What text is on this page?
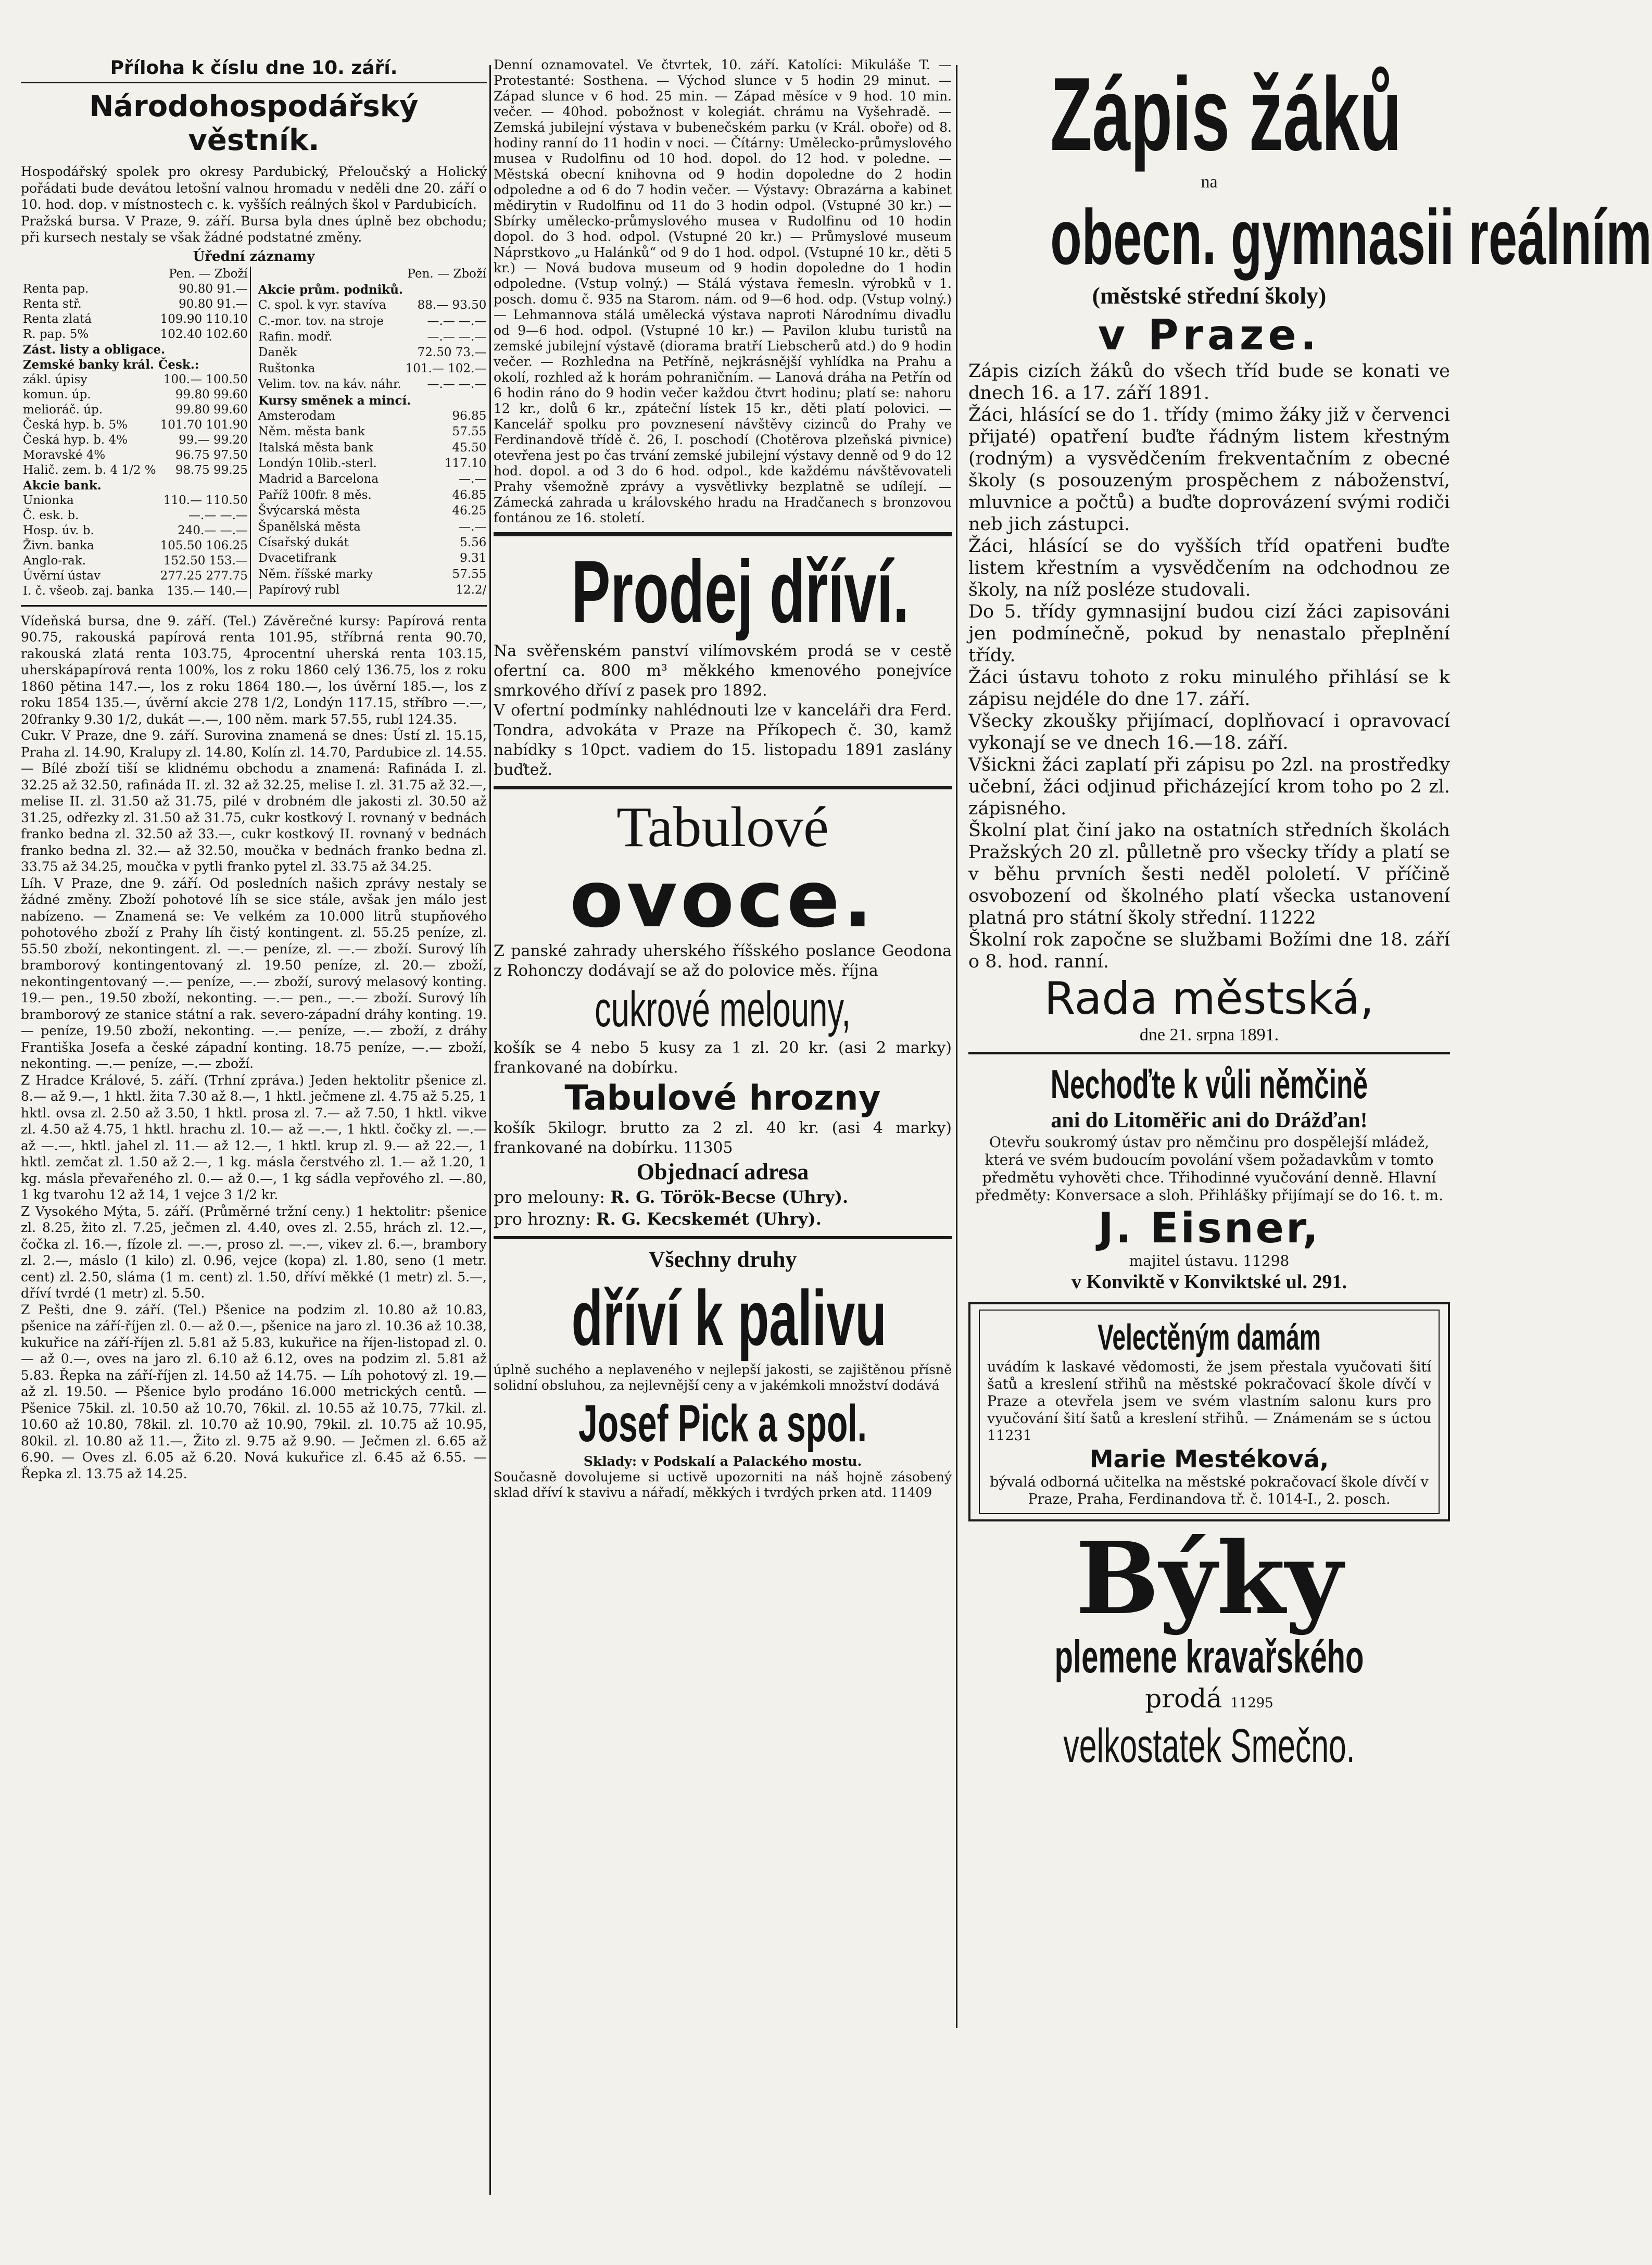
Příloha k číslu dne 10. září.

Národohospodářský věstník.

Hospodářský spolek pro okresy Pardubický, Přeloučský a Holický pořádati bude devátou letošní valnou hromadu v neděli dne 20. září o 10. hod. dop. v místnostech c. k. vyšších reálných škol v Pardubicích.

Pražská bursa. V Praze, 9. září. Bursa byla dnes úplně bez obchodu; při kursech nestaly se však žádné podstatné změny.

Úřední záznamy

	Pen. — Zboží
Renta pap.	90.80 91.—
Renta stř.	90.80 91.—
Renta zlatá	109.90 110.10
R. pap. 5%	102.40 102.60
Zást. listy a obligace.	
Zemské banky král. Česk.:	
zákl. úpisy	100.— 100.50
komun. úp.	99.80 99.60
melioráč. úp.	99.80 99.60
Česká hyp. b. 5%	101.70 101.90
Česká hyp. b. 4%	99.— 99.20
Moravské 4%	96.75 97.50
Halič. zem. b. 4 1/2 %	98.75 99.25
Akcie bank.	
Unionka	110.— 110.50
Č. esk. b.	—.— —.—
Hosp. úv. b.	240.— —.—
Živn. banka	105.50 106.25
Anglo-rak.	152.50 153.—
Úvěrní ústav	277.25 277.75
I. č. všeob. zaj. banka	135.— 140.—
	Pen. — Zboží
Akcie prům. podniků.	
C. spol. k vyr. stavíva	88.— 93.50
C.-mor. tov. na stroje	—.— —.—
Rafin. modř.	—.— —.—
Daněk	72.50 73.—
Ruštonka	101.— 102.—
Velim. tov. na káv. náhr.	—.— —.—
Kursy směnek a mincí.	
Amsterodam	96.85
Něm. města bank	57.55
Italská města bank	45.50
Londýn 10lib.-sterl.	117.10
Madrid a Barcelona	—.—
Paříž 100fr. 8 měs.	46.85
Švýcarská města	46.25
Španělská města	—.—
Císařský dukát	5.56
Dvacetifrank	9.31
Něm. říšské marky	57.55
Papírový rubl	12.2/

Vídeňská bursa, dne 9. září. (Tel.) Závěrečné kursy: Papírová renta 90.75, rakouská papírová renta 101.95, stříbrná renta 90.70, rakouská zlatá renta 103.75, 4procentní uherská renta 103.15, uherskápapírová renta 100%, los z roku 1860 celý 136.75, los z roku 1860 pětina 147.—, los z roku 1864 180.—, los úvěrní 185.—, los z roku 1854 135.—, úvěrní akcie 278 1/2, Londýn 117.15, stříbro —.—, 20franky 9.30 1/2, dukát —.—, 100 něm. mark 57.55, rubl 124.35.

Cukr. V Praze, dne 9. září. Surovina znamená se dnes: Ústí zl. 15.15, Praha zl. 14.90, Kralupy zl. 14.80, Kolín zl. 14.70, Pardubice zl. 14.55. — Bílé zboží tiší se klidnému obchodu a znamená: Rafináda I. zl. 32.25 až 32.50, rafináda II. zl. 32 až 32.25, melise I. zl. 31.75 až 32.—, melise II. zl. 31.50 až 31.75, pilé v drobném dle jakosti zl. 30.50 až 31.25, odřezky zl. 31.50 až 31.75, cukr kostkový I. rovnaný v bednách franko bedna zl. 32.50 až 33.—, cukr kostkový II. rovnaný v bednách franko bedna zl. 32.— až 32.50, moučka v bednách franko bedna zl. 33.75 až 34.25, moučka v pytli franko pytel zl. 33.75 až 34.25.

Líh. V Praze, dne 9. září. Od posledních našich zprávy nestaly se žádné změny. Zboží pohotové líh se sice stále, avšak jen málo jest nabízeno. — Znamená se: Ve velkém za 10.000 litrů stupňového pohotového zboží z Prahy líh čistý kontingent. zl. 55.25 peníze, zl. 55.50 zboží, nekontingent. zl. —.— peníze, zl. —.— zboží. Surový líh bramborový kontingentovaný zl. 19.50 peníze, zl. 20.— zboží, nekontingentovaný —.— peníze, —.— zboží, surový melasový konting. 19.— pen., 19.50 zboží, nekonting. —.— pen., —.— zboží. Surový líh bramborový ze stanice státní a rak. severo-západní dráhy konting. 19.— peníze, 19.50 zboží, nekonting. —.— peníze, —.— zboží, z dráhy Františka Josefa a české západní konting. 18.75 peníze, —.— zboží, nekonting. —.— peníze, —.— zboží.

Z Hradce Králové, 5. září. (Trhní zpráva.) Jeden hektolitr pšenice zl. 8.— až 9.—, 1 hktl. žita 7.30 až 8.—, 1 hktl. ječmene zl. 4.75 až 5.25, 1 hktl. ovsa zl. 2.50 až 3.50, 1 hktl. prosa zl. 7.— až 7.50, 1 hktl. vikve zl. 4.50 až 4.75, 1 hktl. hrachu zl. 10.— až —.—, 1 hktl. čočky zl. —.— až —.—, hktl. jahel zl. 11.— až 12.—, 1 hktl. krup zl. 9.— až 22.—, 1 hktl. zemčat zl. 1.50 až 2.—, 1 kg. másla čerstvého zl. 1.— až 1.20, 1 kg. másla převařeného zl. 0.— až 0.—, 1 kg sádla vepřového zl. —.80, 1 kg tvarohu 12 až 14, 1 vejce 3 1/2 kr.

Z Vysokého Mýta, 5. září. (Průměrné tržní ceny.) 1 hektolitr: pšenice zl. 8.25, žito zl. 7.25, ječmen zl. 4.40, oves zl. 2.55, hrách zl. 12.—, čočka zl. 16.—, fízole zl. —.—, proso zl. —.—, vikev zl. 6.—, brambory zl. 2.—, máslo (1 kilo) zl. 0.96, vejce (kopa) zl. 1.80, seno (1 metr. cent) zl. 2.50, sláma (1 m. cent) zl. 1.50, dříví měkké (1 metr) zl. 5.—, dříví tvrdé (1 metr) zl. 5.50.

Z Pešti, dne 9. září. (Tel.) Pšenice na podzim zl. 10.80 až 10.83, pšenice na září-říjen zl. 0.— až 0.—, pšenice na jaro zl. 10.36 až 10.38, kukuřice na září-říjen zl. 5.81 až 5.83, kukuřice na říjen-listopad zl. 0.— až 0.—, oves na jaro zl. 6.10 až 6.12, oves na podzim zl. 5.81 až 5.83. Řepka na září-říjen zl. 14.50 až 14.75. — Líh pohotový zl. 19.— až zl. 19.50. — Pšenice bylo prodáno 16.000 metrických centů. — Pšenice 75kil. zl. 10.50 až 10.70, 76kil. zl. 10.55 až 10.75, 77kil. zl. 10.60 až 10.80, 78kil. zl. 10.70 až 10.90, 79kil. zl. 10.75 až 10.95, 80kil. zl. 10.80 až 11.—, Žito zl. 9.75 až 9.90. — Ječmen zl. 6.65 až 6.90. — Oves zl. 6.05 až 6.20. Nová kukuřice zl. 6.45 až 6.55. — Řepka zl. 13.75 až 14.25.

Denní oznamovatel. Ve čtvrtek, 10. září. Katolíci: Mikuláše T. — Protestanté: Sosthena. — Východ slunce v 5 hodin 29 minut. — Západ slunce v 6 hod. 25 min. — Západ měsíce v 9 hod. 10 min. večer. — 40hod. pobožnost v kolegiát. chrámu na Vyšehradě. — Zemská jubilejní výstava v bubenečském parku (v Král. oboře) od 8. hodiny ranní do 11 hodin v noci. — Čítárny: Umělecko-průmyslového musea v Rudolfinu od 10 hod. dopol. do 12 hod. v poledne. — Městská obecní knihovna od 9 hodin dopoledne do 2 hodin odpoledne a od 6 do 7 hodin večer. — Výstavy: Obrazárna a kabinet mědirytin v Rudolfinu od 11 do 3 hodin odpol. (Vstupné 30 kr.) — Sbírky umělecko-průmyslového musea v Rudolfinu od 10 hodin dopol. do 3 hod. odpol. (Vstupné 20 kr.) — Průmyslové museum Náprstkovo „u Halánků“ od 9 do 1 hod. odpol. (Vstupné 10 kr., děti 5 kr.) — Nová budova museum od 9 hodin dopoledne do 1 hodin odpoledne. (Vstup volný.) — Stálá výstava řemesln. výrobků v 1. posch. domu č. 935 na Starom. nám. od 9—6 hod. odp. (Vstup volný.) — Lehmannova stálá umělecká výstava naproti Národnímu divadlu od 9—6 hod. odpol. (Vstupné 10 kr.) — Pavilon klubu turistů na zemské jubilejní výstavě (diorama bratří Liebscherů atd.) do 9 hodin večer. — Rozhledna na Petříně, nejkrásnější vyhlídka na Prahu a okolí, rozhled až k horám pohraničním. — Lanová dráha na Petřín od 6 hodin ráno do 9 hodin večer každou čtvrt hodinu; platí se: nahoru 12 kr., dolů 6 kr., zpáteční lístek 15 kr., děti platí polovici. — Kancelář spolku pro povznesení návštěvy cizinců do Prahy ve Ferdinandově třídě č. 26, I. poschodí (Chotěrova plzeňská pivnice) otevřena jest po čas trvání zemské jubilejní výstavy denně od 9 do 12 hod. dopol. a od 3 do 6 hod. odpol., kde každému návštěvovateli Prahy všemožně zprávy a vysvětlivky bezplatně se udílejí. — Zámecká zahrada u královského hradu na Hradčanech s bronzovou fontánou ze 16. století.

Prodej dříví.

Na svěřenském panství vilímovském prodá se v cestě ofertní ca. 800 m³ měkkého kmenového ponejvíce smrkového dříví z pasek pro 1892.

V ofertní podmínky nahlédnouti lze v kanceláři dra Ferd. Tondra, advokáta v Praze na Příkopech č. 30, kamž nabídky s 10pct. vadiem do 15. listopadu 1891 zaslány buďtež.

Tabulové

ovoce.

Z panské zahrady uherského říšského poslance Geodona z Rohonczy dodávají se až do polovice měs. října

cukrové melouny,

košík se 4 nebo 5 kusy za 1 zl. 20 kr. (asi 2 marky) frankované na dobírku.

Tabulové hrozny

košík 5kilogr. brutto za 2 zl. 40 kr. (asi 4 marky) frankované na dobírku. 11305

Objednací adresa

pro melouny: R. G. Török-Becse (Uhry).

pro hrozny: R. G. Kecskemét (Uhry).

Všechny druhy

dříví k palivu

úplně suchého a neplaveného v nejlepší jakosti, se zajištěnou přísně solidní obsluhou, za nejlevnější ceny a v jakémkoli množství dodává

Josef Pick a spol.

Sklady: v Podskalí a Palackého mostu.

Současně dovolujeme si uctivě upozorniti na náš hojně zásobený sklad dříví k stavivu a nářadí, měkkých i tvrdých prken atd. 11409

Zápis žáků

na

obecn. gymnasii reálním

(městské střední školy)

v Praze.

Zápis cizích žáků do všech tříd bude se konati ve dnech 16. a 17. září 1891.

Žáci, hlásící se do 1. třídy (mimo žáky již v červenci přijaté) opatření buďte řádným listem křestným (rodným) a vysvědčením frekventačním z obecné školy (s posouzeným prospěchem z náboženství, mluvnice a počtů) a buďte doprovázení svými rodiči neb jich zástupci.

Žáci, hlásící se do vyšších tříd opatřeni buďte listem křestním a vysvědčením na odchodnou ze školy, na níž posléze studovali.

Do 5. třídy gymnasijní budou cizí žáci zapisováni jen podmínečně, pokud by nenastalo přeplnění třídy.

Žáci ústavu tohoto z roku minulého přihlásí se k zápisu nejdéle do dne 17. září.

Všecky zkoušky přijímací, doplňovací i opravovací vykonají se ve dnech 16.—18. září.

Všickni žáci zaplatí při zápisu po 2zl. na prostředky učební, žáci odjinud přicházející krom toho po 2 zl. zápisného.

Školní plat činí jako na ostatních středních školách Pražských 20 zl. půlletně pro všecky třídy a platí se v běhu prvních šesti neděl pololetí. V příčině osvobození od školného platí všecka ustanovení platná pro státní školy střední. 11222

Školní rok započne se službami Božími dne 18. září o 8. hod. ranní.

Rada městská,

dne 21. srpna 1891.

Nechoďte k vůli němčině

ani do Litoměřic ani do Drážďan!

Otevřu soukromý ústav pro němčinu pro dospělejší mládež, která ve svém budoucím povolání všem požadavkům v tomto předmětu vyhověti chce. Třihodinné vyučování denně. Hlavní předměty: Konversace a sloh. Přihlášky přijímají se do 16. t. m.

J. Eisner,

majitel ústavu. 11298

v Konviktě v Konviktské ul. 291.

Velectěným damám

uvádím k laskavé vědomosti, že jsem přestala vyučovati šití šatů a kreslení střihů na městské pokračovací škole dívčí v Praze a otevřela jsem ve svém vlastním salonu kurs pro vyučování šití šatů a kreslení střihů. — Známenám se s úctou 11231

Marie Mestéková,

bývalá odborná učitelka na městské pokračovací škole dívčí v Praze, Praha, Ferdinandova tř. č. 1014-I., 2. posch.

Býky

plemene kravařského

prodá 11295

velkostatek Smečno.
